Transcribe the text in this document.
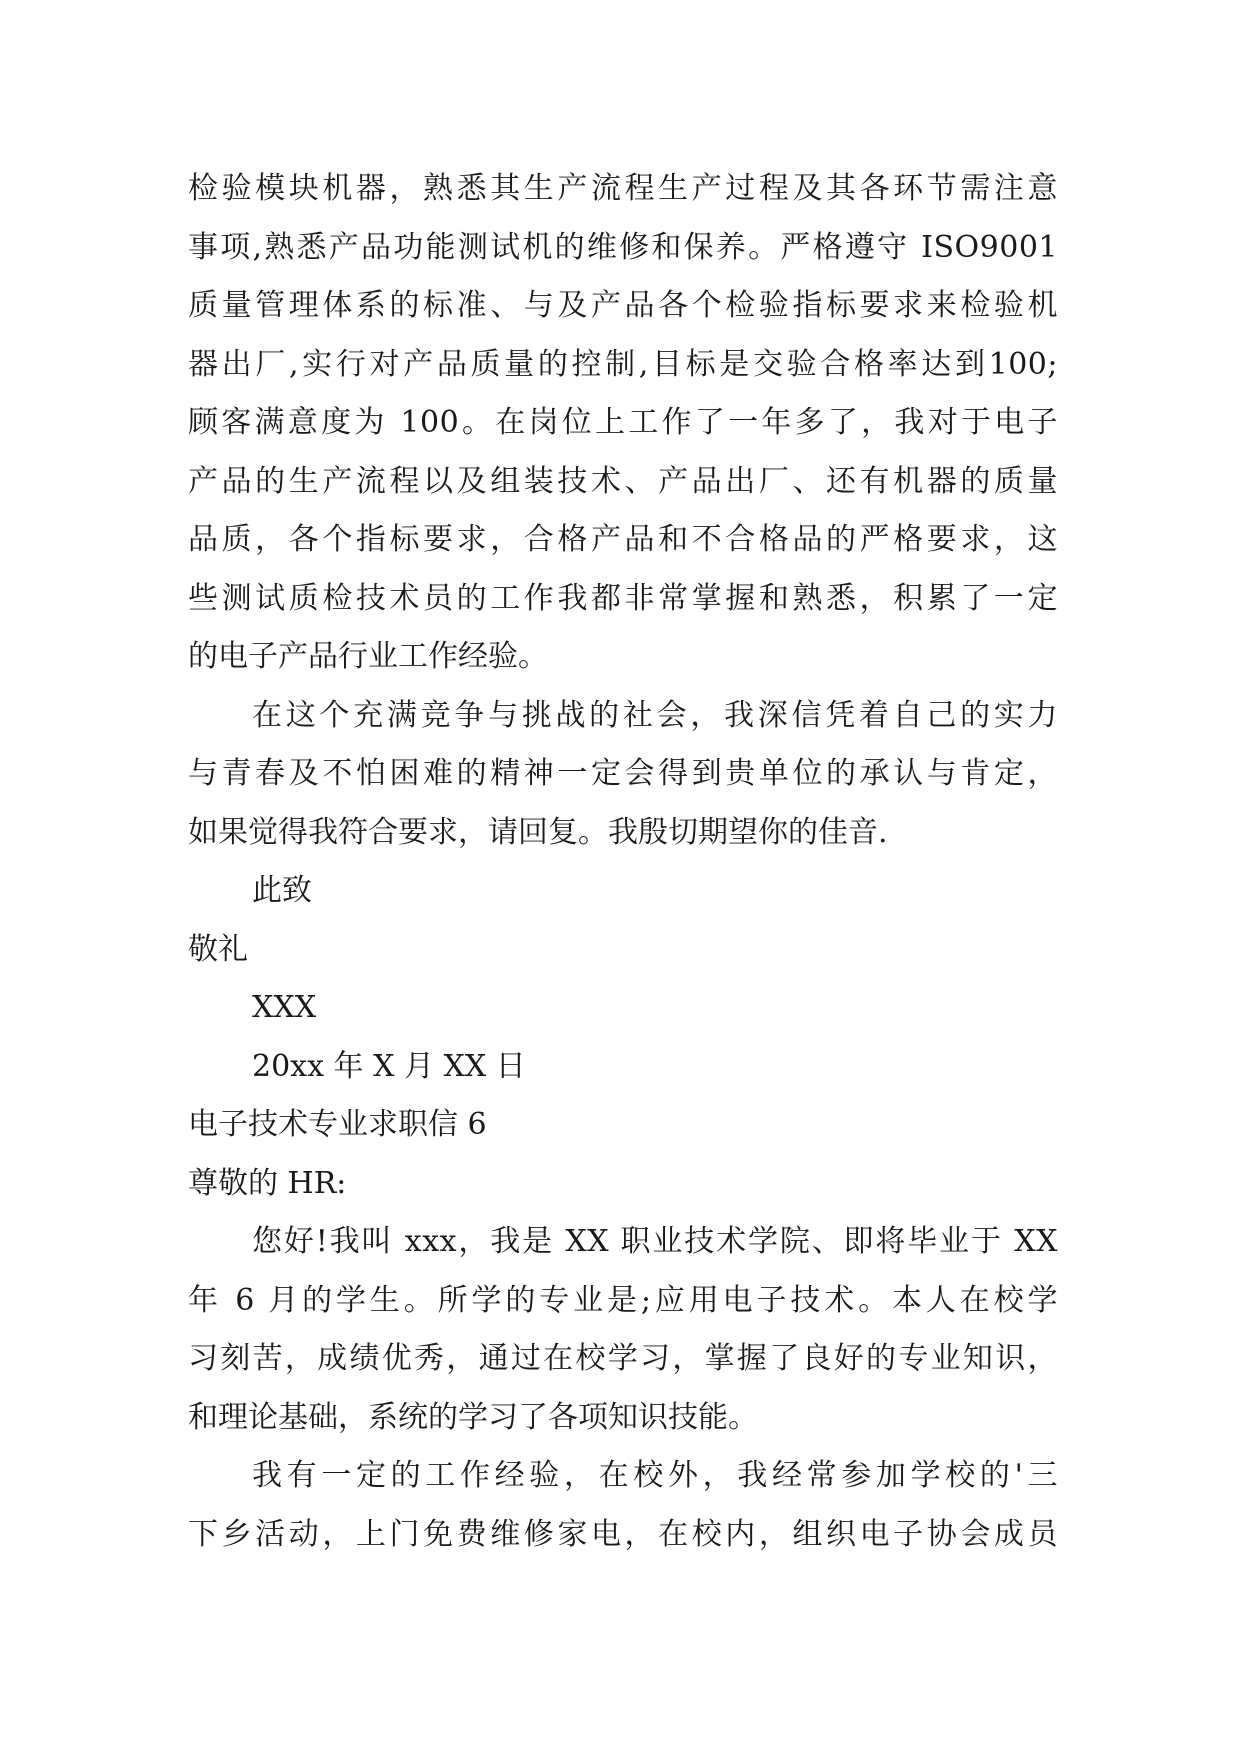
检验模块机器，熟悉其生产流程生产过程及其各环节需注意
事项,熟悉产品功能测试机的维修和保养。严格遵守 ISO9001
质量管理体系的标准、与及产品各个检验指标要求来检验机
器出厂,实行对产品质量的控制,目标是交验合格率达到100;
顾客满意度为 100。在岗位上工作了一年多了，我对于电子
产品的生产流程以及组装技术、产品出厂、还有机器的质量
品质，各个指标要求，合格产品和不合格品的严格要求，这
些测试质检技术员的工作我都非常掌握和熟悉，积累了一定
的电子产品行业工作经验。
在这个充满竞争与挑战的社会，我深信凭着自己的实力
与青春及不怕困难的精神一定会得到贵单位的承认与肯定，
如果觉得我符合要求，请回复。我殷切期望你的佳音.
此致
敬礼
XXX
20xx 年 X 月 XX 日
电子技术专业求职信 6
尊敬的 HR:
您好!我叫 xxx，我是 XX 职业技术学院、即将毕业于 XX
年 6 月的学生。所学的专业是;应用电子技术。本人在校学
习刻苦，成绩优秀，通过在校学习，掌握了良好的专业知识，
和理论基础，系统的学习了各项知识技能。
我有一定的工作经验，在校外，我经常参加学校的'三
下乡活动，上门免费维修家电，在校内，组织电子协会成员
